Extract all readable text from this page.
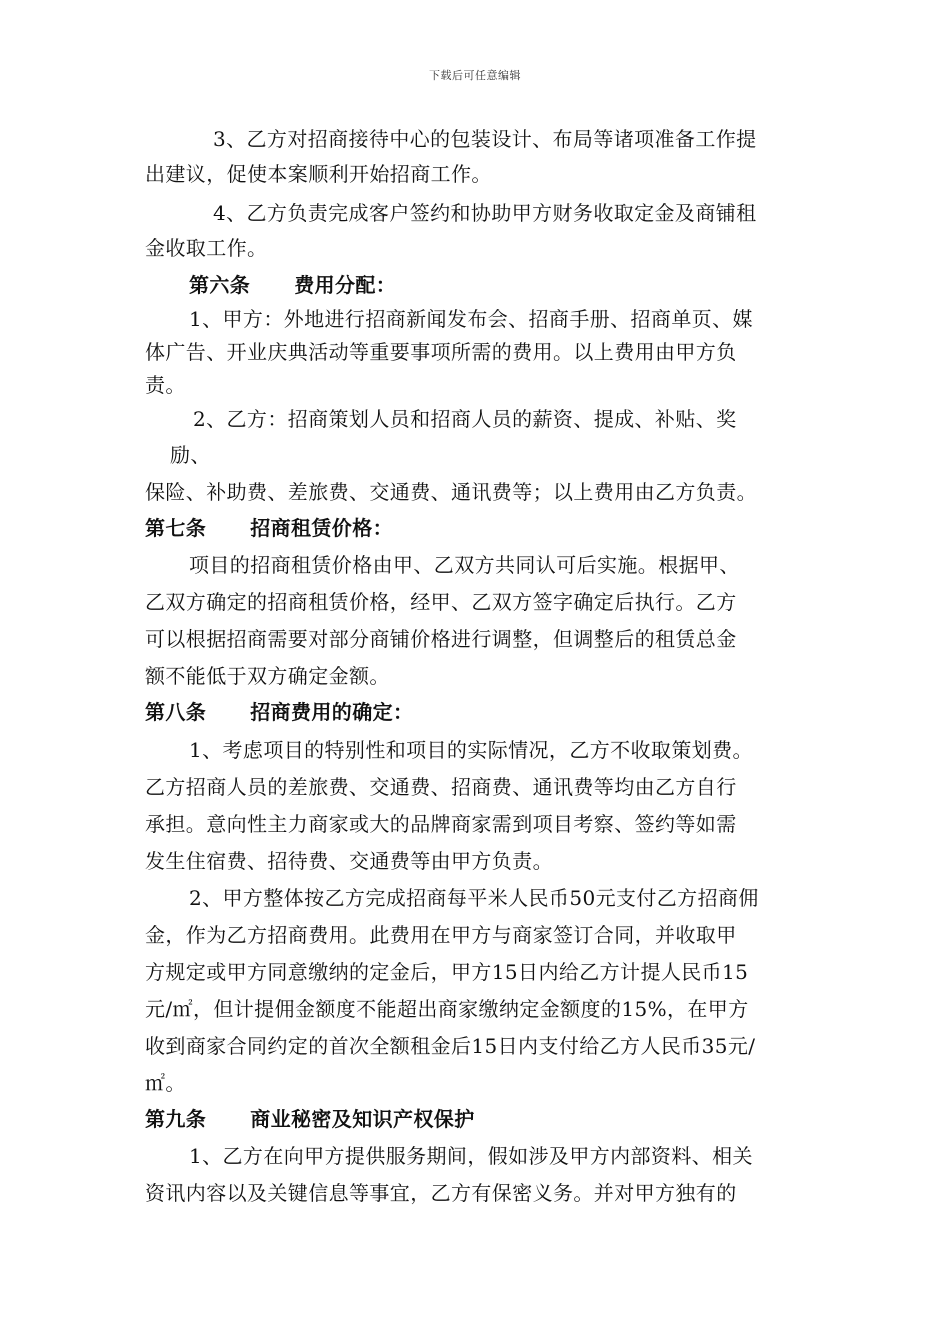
下载后可任意编辑
3、乙方对招商接待中心的包装设计、布局等诸项准备工作提
出建议，促使本案顺利开始招商工作。
4、乙方负责完成客户签约和协助甲方财务收取定金及商铺租
金收取工作。
第六条 费用分配：
1、甲方：外地进行招商新闻发布会、招商手册、招商单页、媒
体广告、开业庆典活动等重要事项所需的费用。以上费用由甲方负
责。
2、乙方：招商策划人员和招商人员的薪资、提成、补贴、奖
励、
保险、补助费、差旅费、交通费、通讯费等；以上费用由乙方负责。
第七条 招商租赁价格：
项目的招商租赁价格由甲、乙双方共同认可后实施。根据甲、
乙双方确定的招商租赁价格，经甲、乙双方签字确定后执行。乙方
可以根据招商需要对部分商铺价格进行调整，但调整后的租赁总金
额不能低于双方确定金额。
第八条 招商费用的确定：
1、考虑项目的特别性和项目的实际情况，乙方不收取策划费。
乙方招商人员的差旅费、交通费、招商费、通讯费等均由乙方自行
承担。意向性主力商家或大的品牌商家需到项目考察、签约等如需
发生住宿费、招待费、交通费等由甲方负责。
2、甲方整体按乙方完成招商每平米人民币50元支付乙方招商佣
金，作为乙方招商费用。此费用在甲方与商家签订合同，并收取甲
方规定或甲方同意缴纳的定金后，甲方15日内给乙方计提人民币15
元/㎡，但计提佣金额度不能超出商家缴纳定金额度的15%，在甲方
收到商家合同约定的首次全额租金后15日内支付给乙方人民币35元/
㎡。
第九条 商业秘密及知识产权保护
1、乙方在向甲方提供服务期间，假如涉及甲方内部资料、相关
资讯内容以及关键信息等事宜，乙方有保密义务。并对甲方独有的
